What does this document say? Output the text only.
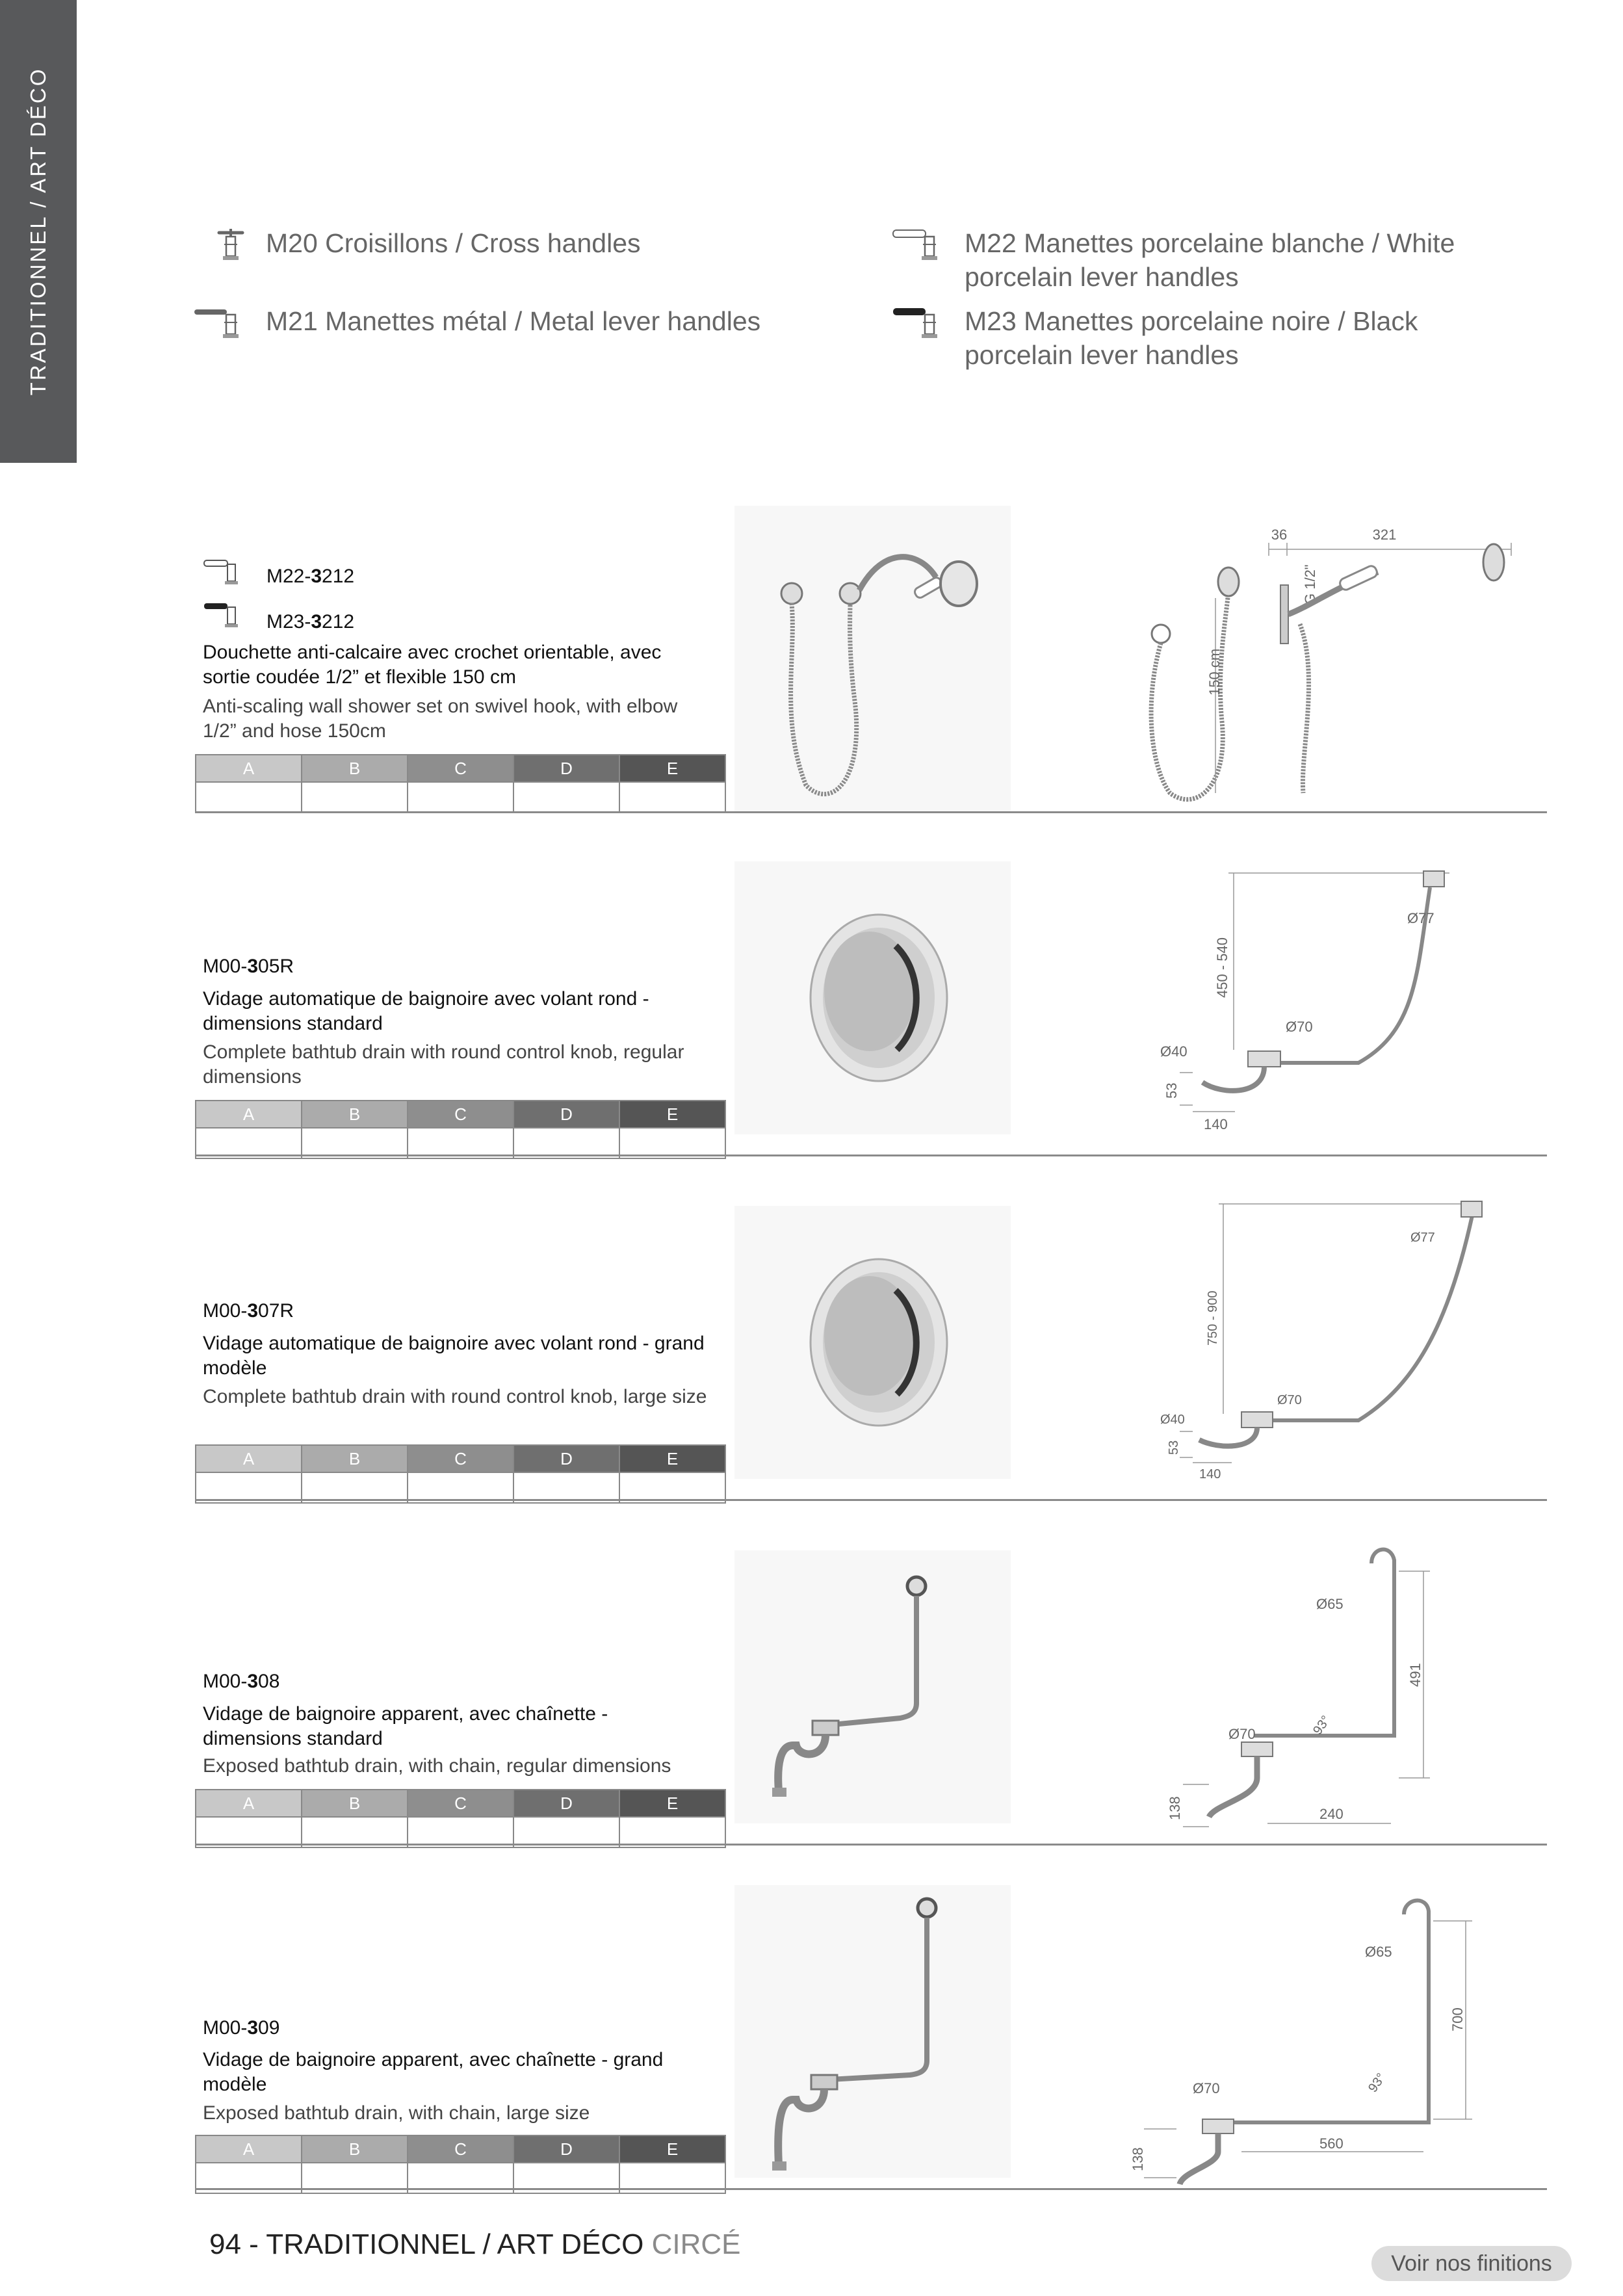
TRADITIONNEL / ART DÉCO	M20 Croisillons / Cross handles
M21 Manettes métal / Metal lever handles
M22 Manettes porcelaine blanche / White porcelain lever handles
M23 Manettes porcelaine noire / Black porcelain lever handles
M22-3212
M23-3212
Douchette anti-calcaire avec crochet orientable, avec sortie coudée 1/2” et flexible 150 cm
Anti-scaling wall shower set on swivel hook, with elbow 1/2” and hose 150cm
A	B	C	D	E

150 cm
36	321
G 1/2"
M00-305R
Vidage automatique de baignoire avec volant rond - dimensions standard
Complete bathtub drain with round control knob, regular dimensions
A	B	C	D	E

450 - 540
Ø77
Ø70
Ø40
53
140
M00-307R
Vidage automatique de baignoire avec volant rond - grand modèle
Complete bathtub drain with round control knob, large size
A	B	C	D	E

750 - 900
Ø77
Ø70
Ø40
53
140
M00-308
Vidage de baignoire apparent, avec chaînette - dimensions standard
Exposed bathtub drain, with chain, regular dimensions
A	B	C	D	E

491
Ø65
Ø70	93°
138	240
M00-309
Vidage de baignoire apparent, avec chaînette - grand modèle
Exposed bathtub drain, with chain, large size
A	B	C	D	E

700
Ø65
Ø70	93°
138
560
94 - TRADITIONNEL / ART DÉCO CIRCÉ
Voir nos finitions
